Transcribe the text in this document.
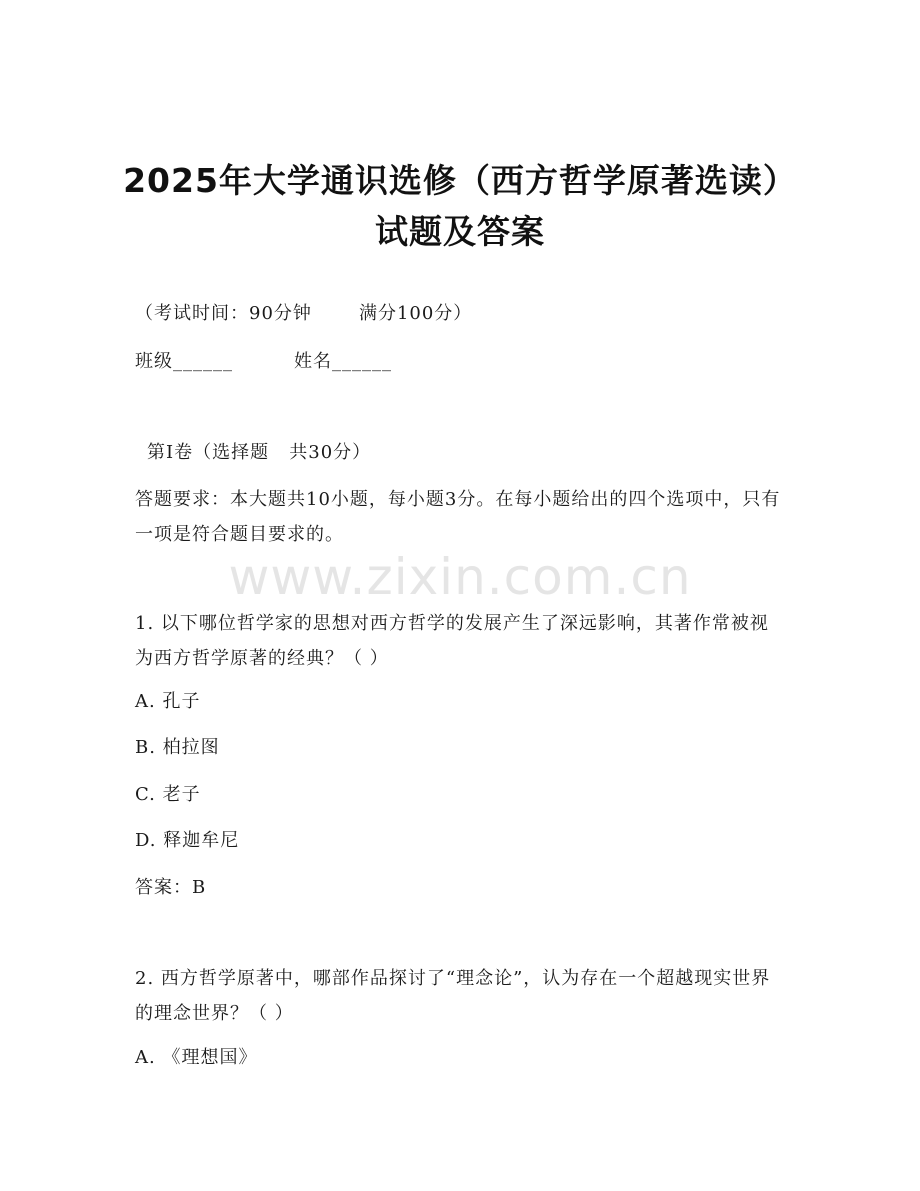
2025年大学通识选修（西方哲学原著选读）
试题及答案
（考试时间：90分钟       满分100分）
班级______	姓名______
第Ⅰ卷（选择题   共30分）
答题要求：本大题共10小题，每小题3分。在每小题给出的四个选项中，只有一项是符合题目要求的。
www.zixin.com.cn
1. 以下哪位哲学家的思想对西方哲学的发展产生了深远影响，其著作常被视为西方哲学原著的经典？（ ）
A. 孔子
B. 柏拉图
C. 老子
D. 释迦牟尼
答案：B
2. 西方哲学原著中，哪部作品探讨了“理念论”，认为存在一个超越现实世界的理念世界？（ ）
A. 《理想国》
